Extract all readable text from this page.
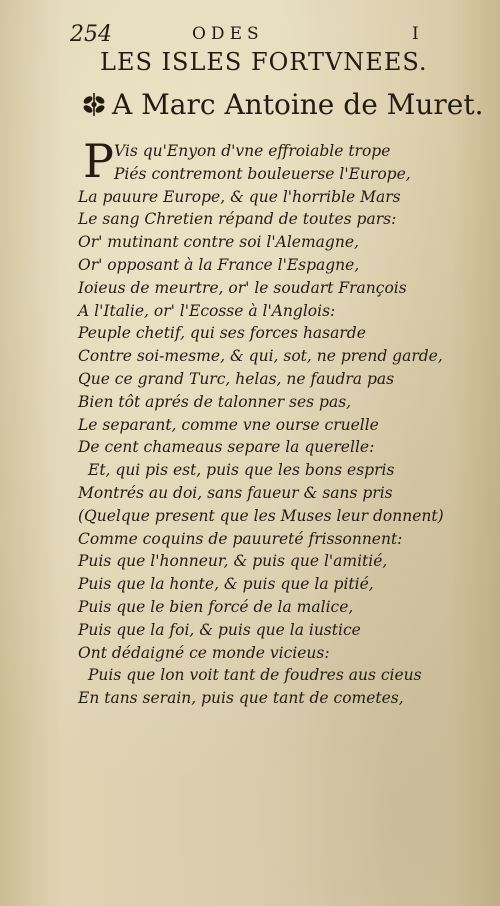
254	ODES	I
LES ISLES FORTVNEES.
A Marc Antoine de Muret.
P Vis qu'Enyon d'vne effroiable trope
Piés contremont bouleuerse l'Europe,
La pauure Europe, & que l'horrible Mars
Le sang Chretien répand de toutes pars:
Or' mutinant contre soi l'Alemagne,
Or' opposant à la France l'Espagne,
Ioieus de meurtre, or' le soudart François
A l'Italie, or' l'Ecosse à l'Anglois:
Peuple chetif, qui ses forces hasarde
Contre soi-mesme, & qui, sot, ne prend garde,
Que ce grand Turc, helas, ne faudra pas
Bien tôt aprés de talonner ses pas,
Le separant, comme vne ourse cruelle
De cent chameaus separe la querelle:
Et, qui pis est, puis que les bons espris
Montrés au doi, sans faueur & sans pris
(Quelque present que les Muses leur donnent)
Comme coquins de pauureté frissonnent:
Puis que l'honneur, & puis que l'amitié,
Puis que la honte, & puis que la pitié,
Puis que le bien forcé de la malice,
Puis que la foi, & puis que la iustice
Ont dédaigné ce monde vicieus:
Puis que lon voit tant de foudres aus cieus
En tans serain, puis que tant de cometes,
